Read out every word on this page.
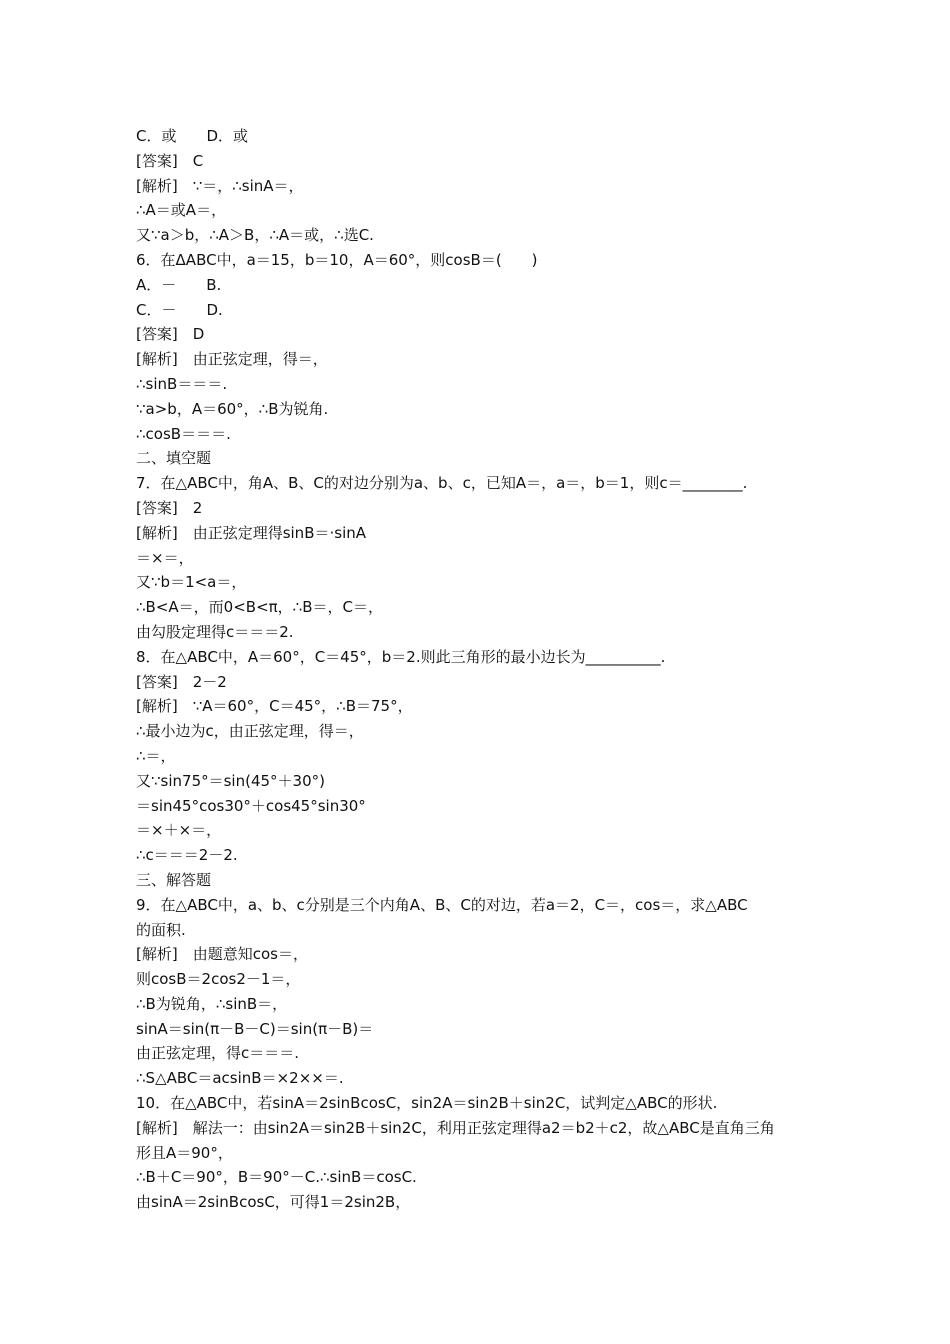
C．或　　D．或
[答案]　C
[解析]　∵＝，∴sinA＝，
∴A＝或A＝，
又∵a＞b，∴A＞B，∴A＝或，∴选C.
6．在ΔABC中，a＝15，b＝10，A＝60°，则cosB＝(　　)
A．－　　B.
C．－　　D.
[答案]　D
[解析]　由正弦定理，得＝，
∴sinB＝＝＝.
∵a>b，A＝60°，∴B为锐角.
∴cosB＝＝＝.
二、填空题
7．在△ABC中，角A、B、C的对边分别为a、b、c，已知A＝，a＝，b＝1，则c＝________.
[答案]　2
[解析]　由正弦定理得sinB＝·sinA
＝×＝，
又∵b＝1<a＝，
∴B<A＝，而0<B<π，∴B＝，C＝，
由勾股定理得c＝＝＝2.
8．在△ABC中，A＝60°，C＝45°，b＝2.则此三角形的最小边长为__________.
[答案]　2－2
[解析]　∵A＝60°，C＝45°，∴B＝75°，
∴最小边为c，由正弦定理，得＝，
∴＝，
又∵sin75°＝sin(45°＋30°)
＝sin45°cos30°＋cos45°sin30°
＝×＋×＝，
∴c＝＝＝2－2.
三、解答题
9．在△ABC中，a、b、c分别是三个内角A、B、C的对边，若a＝2，C＝，cos＝，求△ABC
的面积.
[解析]　由题意知cos＝，
则cosB＝2cos2－1＝，
∴B为锐角，∴sinB＝，
sinA＝sin(π－B－C)＝sin(π－B)＝
由正弦定理，得c＝＝＝.
∴S△ABC＝acsinB＝×2××＝.
10．在△ABC中，若sinA＝2sinBcosC，sin2A＝sin2B＋sin2C，试判定△ABC的形状.
[解析]　解法一：由sin2A＝sin2B＋sin2C，利用正弦定理得a2＝b2＋c2，故△ABC是直角三角
形且A＝90°，
∴B＋C＝90°，B＝90°－C.∴sinB＝cosC.
由sinA＝2sinBcosC，可得1＝2sin2B，
